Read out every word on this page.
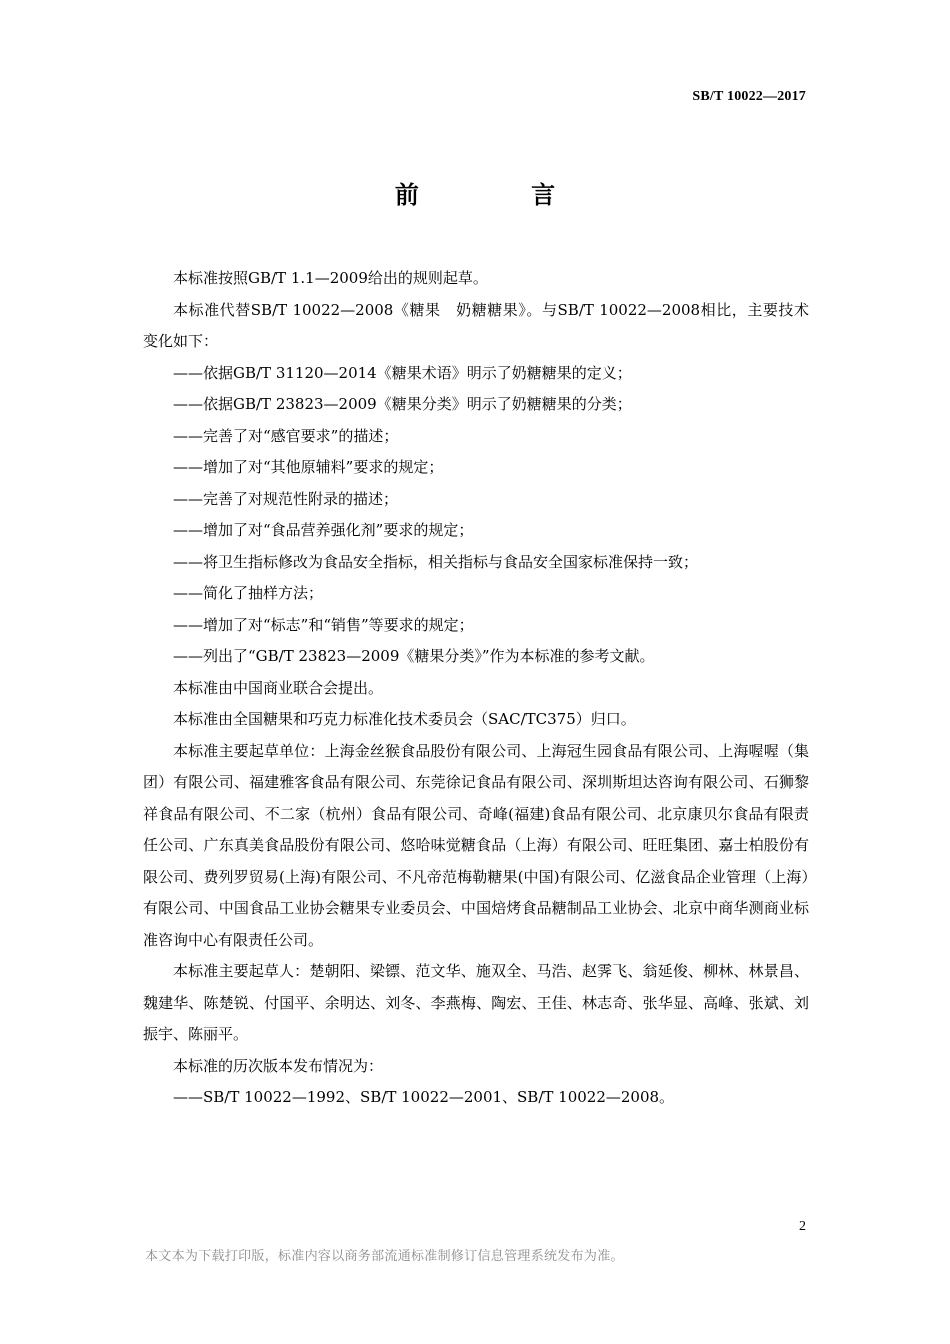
SB/T 10022—2017
前 言

本标准按照GB/T 1.1—2009给出的规则起草。

本标准代替SB/T 10022—2008《糖果　奶糖糖果》。与SB/T 10022—2008相比，主要技术变化如下：

——依据GB/T 31120—2014《糖果术语》明示了奶糖糖果的定义；

——依据GB/T 23823—2009《糖果分类》明示了奶糖糖果的分类；

——完善了对“感官要求”的描述；

——增加了对“其他原辅料”要求的规定；

——完善了对规范性附录的描述；

——增加了对“食品营养强化剂”要求的规定；

——将卫生指标修改为食品安全指标，相关指标与食品安全国家标准保持一致；

——简化了抽样方法；

——增加了对“标志”和“销售”等要求的规定；

——列出了“GB/T 23823—2009《糖果分类》”作为本标准的参考文献。

本标准由中国商业联合会提出。

本标准由全国糖果和巧克力标准化技术委员会（SAC/TC375）归口。

本标准主要起草单位：上海金丝猴食品股份有限公司、上海冠生园食品有限公司、上海喔喔（集团）有限公司、福建雅客食品有限公司、东莞徐记食品有限公司、深圳斯坦达咨询有限公司、石狮黎祥食品有限公司、不二家（杭州）食品有限公司、奇峰(福建)食品有限公司、北京康贝尔食品有限责任公司、广东真美食品股份有限公司、悠哈味觉糖食品（上海）有限公司、旺旺集团、嘉士柏股份有限公司、费列罗贸易(上海)有限公司、不凡帝范梅勒糖果(中国)有限公司、亿滋食品企业管理（上海）有限公司、中国食品工业协会糖果专业委员会、中国焙烤食品糖制品工业协会、北京中商华测商业标准咨询中心有限责任公司。

本标准主要起草人：楚朝阳、梁镖、范文华、施双全、马浩、赵霁飞、翁延俊、柳林、林景昌、魏建华、陈楚锐、付国平、余明达、刘冬、李燕梅、陶宏、王佳、林志奇、张华显、高峰、张斌、刘振宇、陈丽平。

本标准的历次版本发布情况为：

——SB/T 10022—1992、SB/T 10022—2001、SB/T 10022—2008。

2
本文本为下载打印版，标准内容以商务部流通标准制修订信息管理系统发布为准。
